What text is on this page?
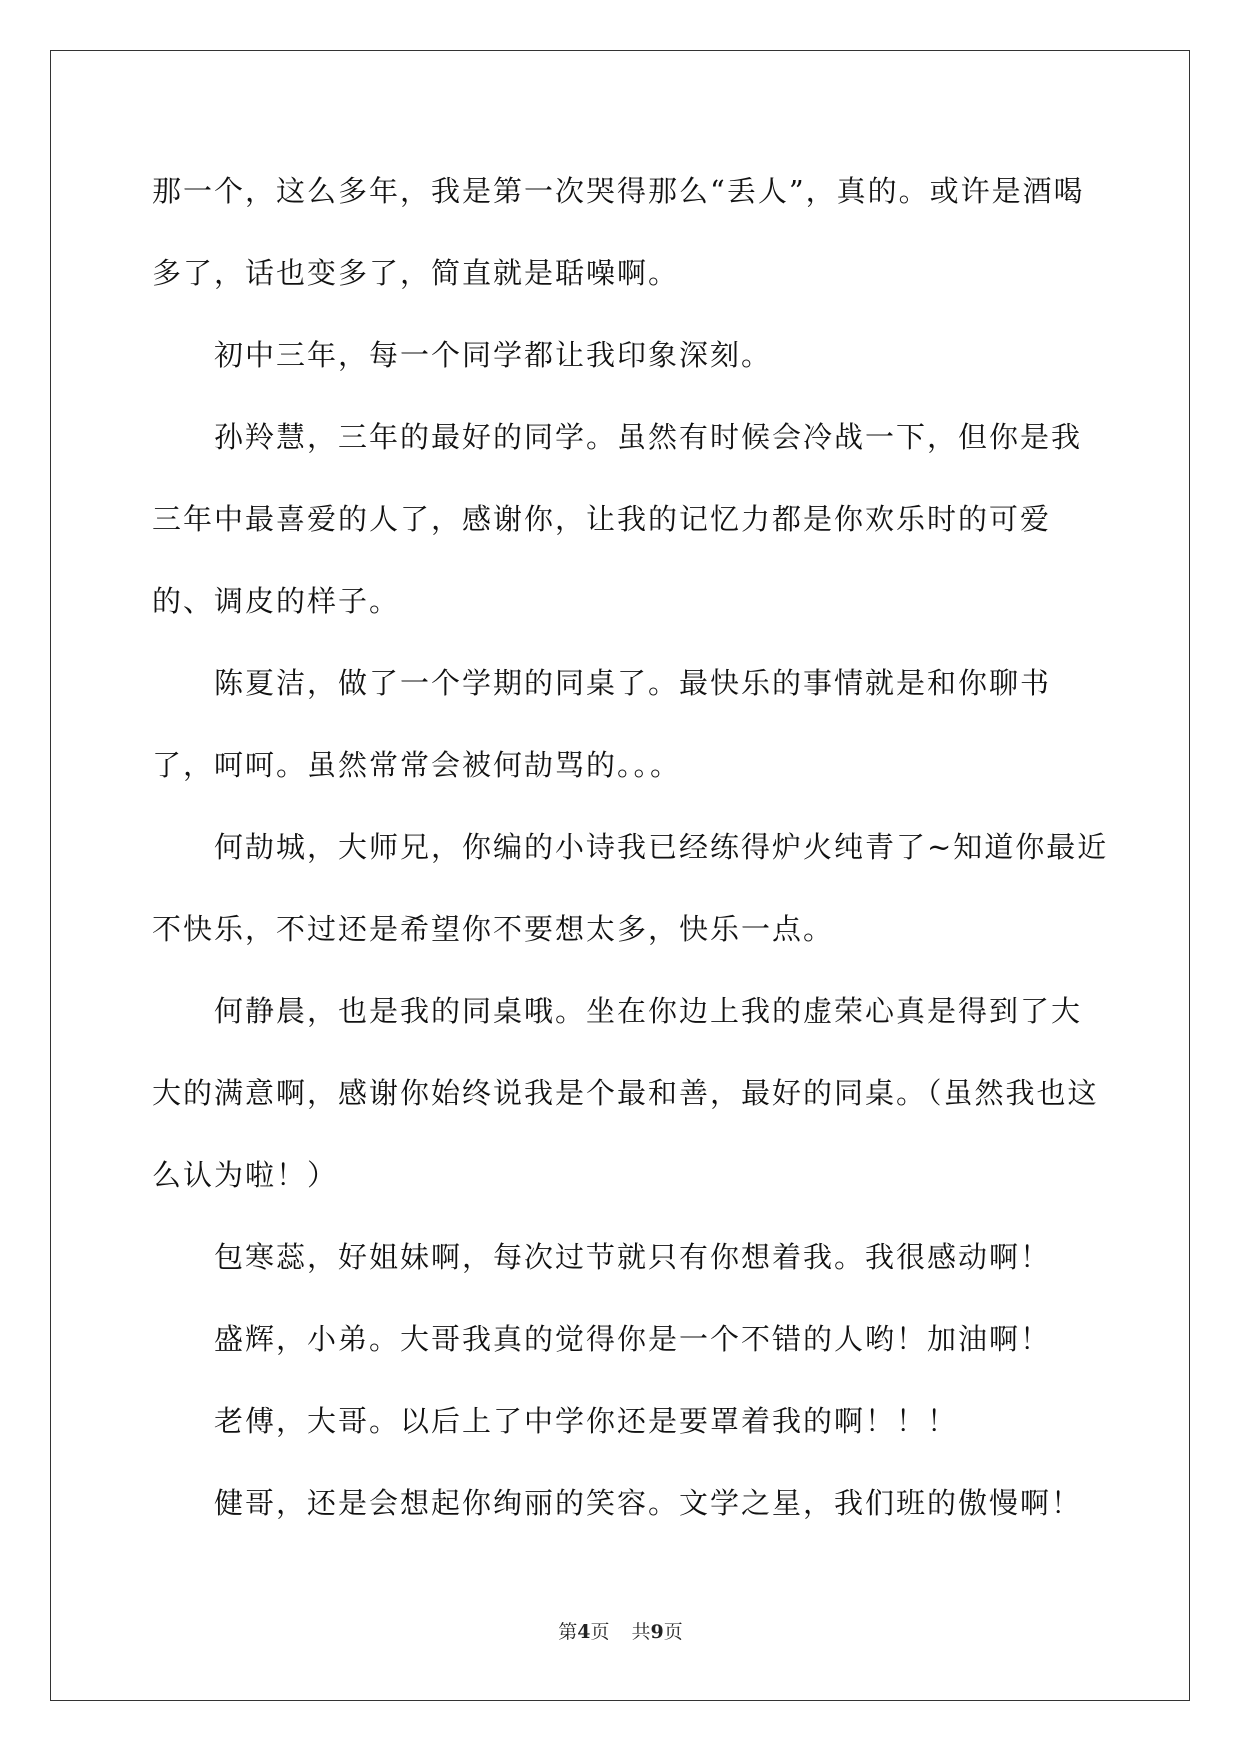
那一个，这么多年，我是第一次哭得那么“丢人”，真的。或许是酒喝多了，话也变多了，简直就是聒噪啊。

初中三年，每一个同学都让我印象深刻。

孙羚慧，三年的最好的同学。虽然有时候会冷战一下，但你是我三年中最喜爱的人了，感谢你，让我的记忆力都是你欢乐时的可爱的、调皮的样子。

陈夏洁，做了一个学期的同桌了。最快乐的事情就是和你聊书了，呵呵。虽然常常会被何劼骂的。。。

何劼城，大师兄，你编的小诗我已经练得炉火纯青了~知道你最近不快乐，不过还是希望你不要想太多，快乐一点。

何静晨，也是我的同桌哦。坐在你边上我的虚荣心真是得到了大大的满意啊，感谢你始终说我是个最和善，最好的同桌。（虽然我也这么认为啦！）

包寒蕊，好姐妹啊，每次过节就只有你想着我。我很感动啊！

盛辉，小弟。大哥我真的觉得你是一个不错的人哟！加油啊！

老傅，大哥。以后上了中学你还是要罩着我的啊！！！

健哥，还是会想起你绚丽的笑容。文学之星，我们班的傲慢啊！

第4页 共9页
